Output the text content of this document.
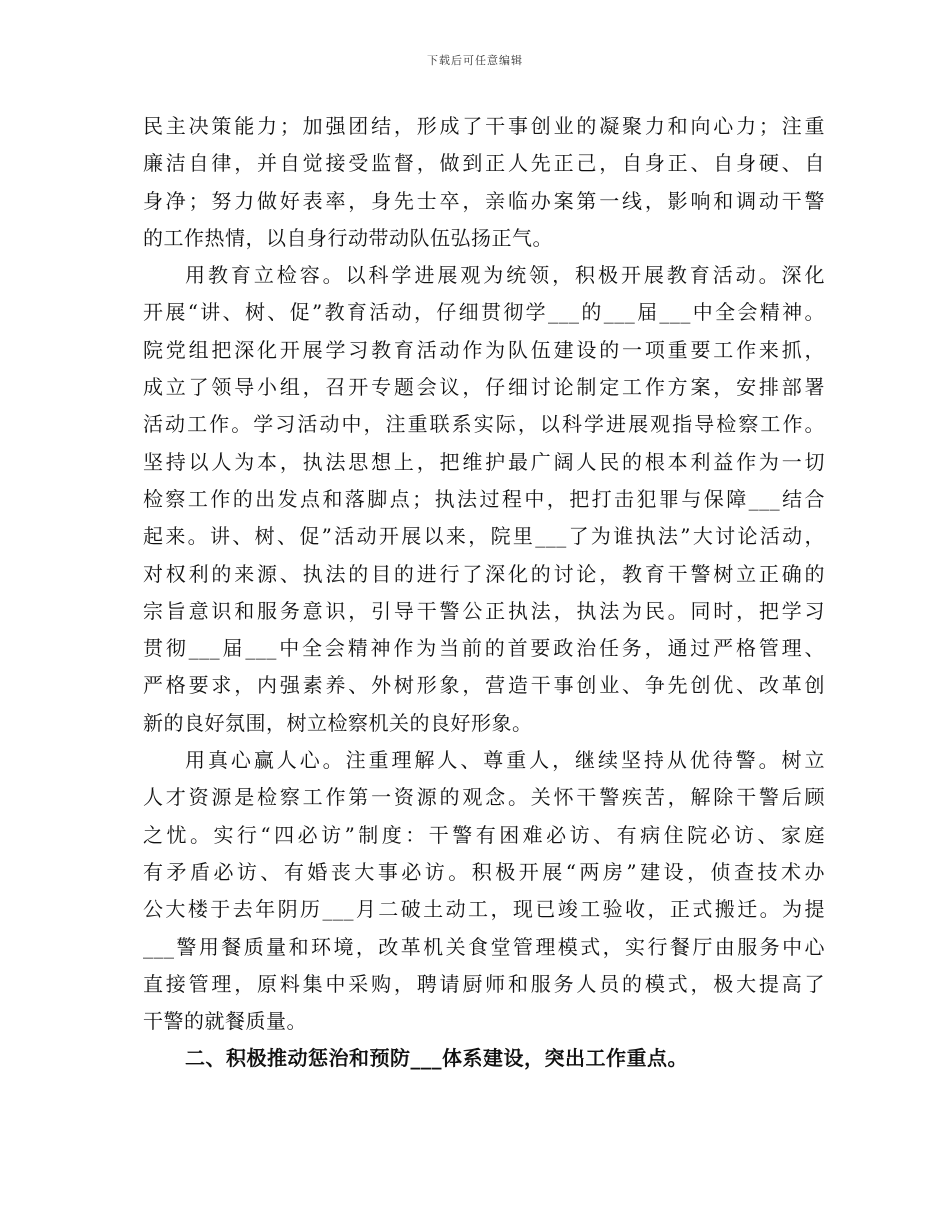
下载后可任意编辑
民主决策能力；加强团结，形成了干事创业的凝聚力和向心力；注重
廉洁自律，并自觉接受监督，做到正人先正己，自身正、自身硬、自
身净；努力做好表率，身先士卒，亲临办案第一线，影响和调动干警
的工作热情，以自身行动带动队伍弘扬正气。
用教育立检容。以科学进展观为统领，积极开展教育活动。深化
开展“讲、树、促”教育活动，仔细贯彻学___的___届___中全会精神。
院党组把深化开展学习教育活动作为队伍建设的一项重要工作来抓，
成立了领导小组，召开专题会议，仔细讨论制定工作方案，安排部署
活动工作。学习活动中，注重联系实际，以科学进展观指导检察工作。
坚持以人为本，执法思想上，把维护最广阔人民的根本利益作为一切
检察工作的出发点和落脚点；执法过程中，把打击犯罪与保障___结合
起来。讲、树、促”活动开展以来，院里___了为谁执法”大讨论活动，
对权利的来源、执法的目的进行了深化的讨论，教育干警树立正确的
宗旨意识和服务意识，引导干警公正执法，执法为民。同时，把学习
贯彻___届___中全会精神作为当前的首要政治任务，通过严格管理、
严格要求，内强素养、外树形象，营造干事创业、争先创优、改革创
新的良好氛围，树立检察机关的良好形象。
用真心赢人心。注重理解人、尊重人，继续坚持从优待警。树立
人才资源是检察工作第一资源的观念。关怀干警疾苦，解除干警后顾
之忧。实行“四必访”制度：干警有困难必访、有病住院必访、家庭
有矛盾必访、有婚丧大事必访。积极开展“两房”建设，侦查技术办
公大楼于去年阴历___月二破土动工，现已竣工验收，正式搬迁。为提
___警用餐质量和环境，改革机关食堂管理模式，实行餐厅由服务中心
直接管理，原料集中采购，聘请厨师和服务人员的模式，极大提高了
干警的就餐质量。
二、积极推动惩治和预防___体系建设，突出工作重点。
